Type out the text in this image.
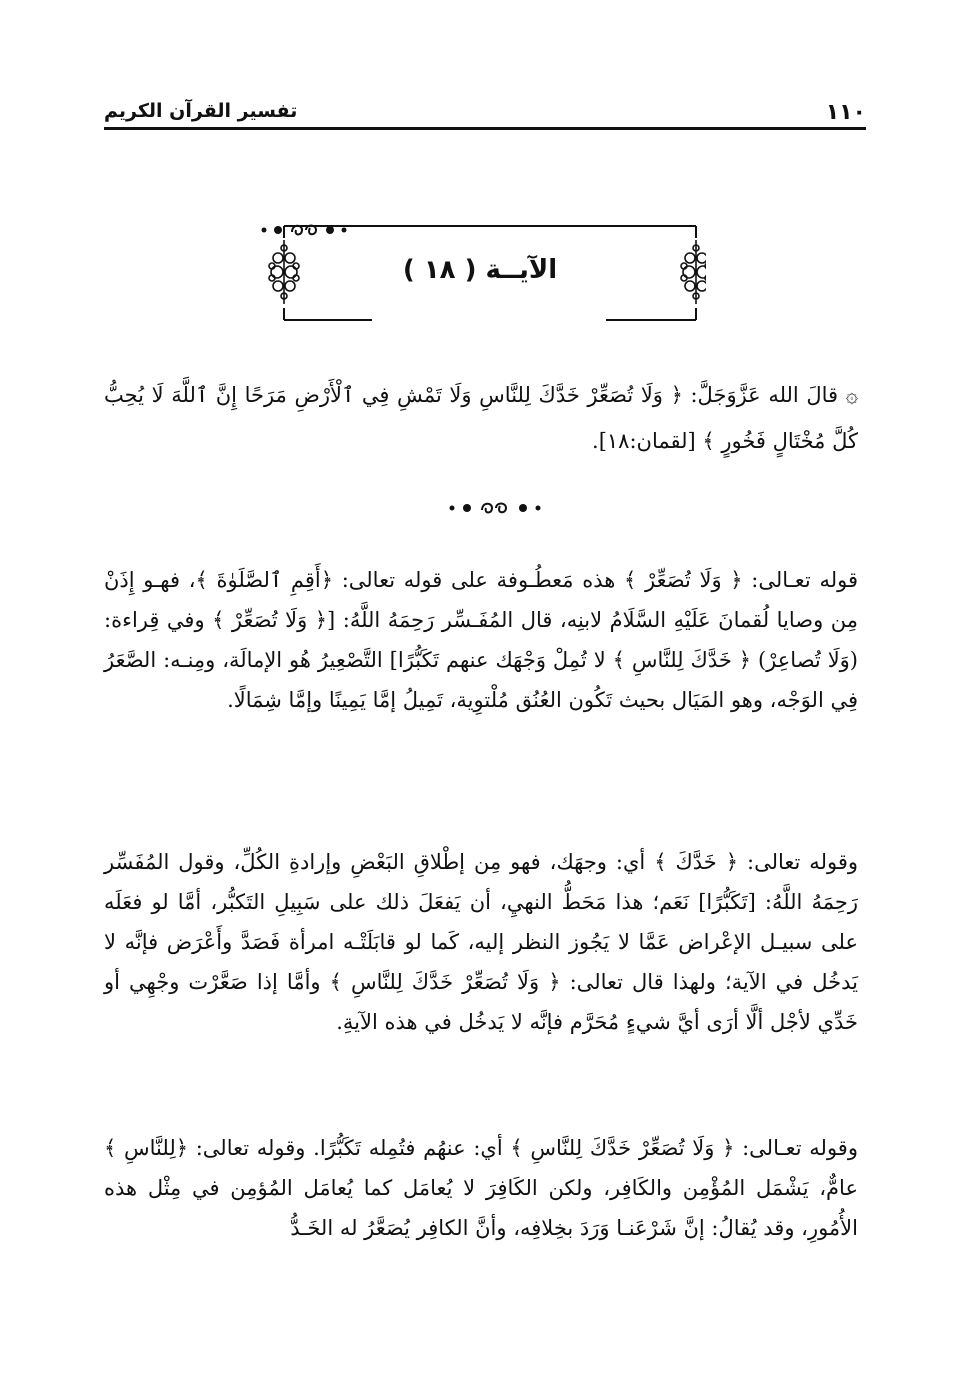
١١٠
تفسير القرآن الكريم
الآيــة ( ١٨ )

۞ قالَ الله عَزَّوَجَلَّ: ﴿ وَلَا تُصَعِّرْ خَدَّكَ لِلنَّاسِ وَلَا تَمْشِ فِي ٱلْأَرْضِ مَرَحًا إِنَّ ٱللَّهَ لَا يُحِبُّ كُلَّ مُخْتَالٍ فَخُورٍ ﴾ [لقمان:١٨].

قوله تعـالى: ﴿ وَلَا تُصَعِّرْ ﴾ هذه مَعطُـوفة على قوله تعالى: ﴿أَقِمِ ٱلصَّلَوٰةَ ﴾، فهـو إِذَنْ مِن وصايا لُقمانَ عَلَيْهِ السَّلَامُ لابنِه، قال المُفَـسِّر رَحِمَهُ اللَّهُ: [﴿ وَلَا تُصَعِّرْ ﴾ وفي قِراءة: (وَلَا تُصاعِرْ) ﴿ خَدَّكَ لِلنَّاسِ ﴾ لا تُمِلْ وَجْهَك عنهم تَكَبُّرًا] التَّصْعِيرُ هُو الإمالَة، ومِنـه: الصَّعَرُ فِي الوَجْه، وهو المَيَال بحيث تَكُون العُنُق مُلْتوِية، تَمِيلُ إمَّا يَمِينًا وإمَّا شِمَالًا.

وقوله تعالى: ﴿ خَدَّكَ ﴾ أي: وجهَك، فهو مِن إطْلاقِ البَعْضِ وإرادةِ الكُلِّ، وقول المُفَسِّر رَحِمَهُ اللَّهُ: [تَكَبُّرًا] نَعَم؛ هذا مَحَطُّ النهيِ، أن يَفعَلَ ذلك على سَبِيلِ التَكبُّر، أمَّا لو فعَلَه على سبيـل الإعْراض عَمَّا لا يَجُوز النظر إليه، كَما لو قابَلَتْـه امرأة فَصَدَّ وأَعْرَض فإنَّه لا يَدخُل في الآية؛ ولهذا قال تعالى: ﴿ وَلَا تُصَعِّرْ خَدَّكَ لِلنَّاسِ ﴾ وأمَّا إذا صَعَّرْت وجْهِي أو خَدِّي لأجْل ألَّا أرَى أيَّ شيءٍ مُحَرَّم فإنَّه لا يَدخُل في هذه الآيةِ.

وقوله تعـالى: ﴿ وَلَا تُصَعِّرْ خَدَّكَ لِلنَّاسِ ﴾ أي: عنهُم فتُمِله تَكَبُّرًا. وقوله تعالى: ﴿لِلنَّاسِ ﴾ عامٌّ، يَشْمَل المُؤْمِن والكَافِر، ولكن الكَافِرَ لا يُعامَل كما يُعامَل المُؤمِن في مِثْل هذه الأُمُورِ، وقد يُقالُ: إنَّ شَرْعَنـا وَرَدَ بخِلافِه، وأنَّ الكافِر يُصَعَّرُ له الخَـدُّ
